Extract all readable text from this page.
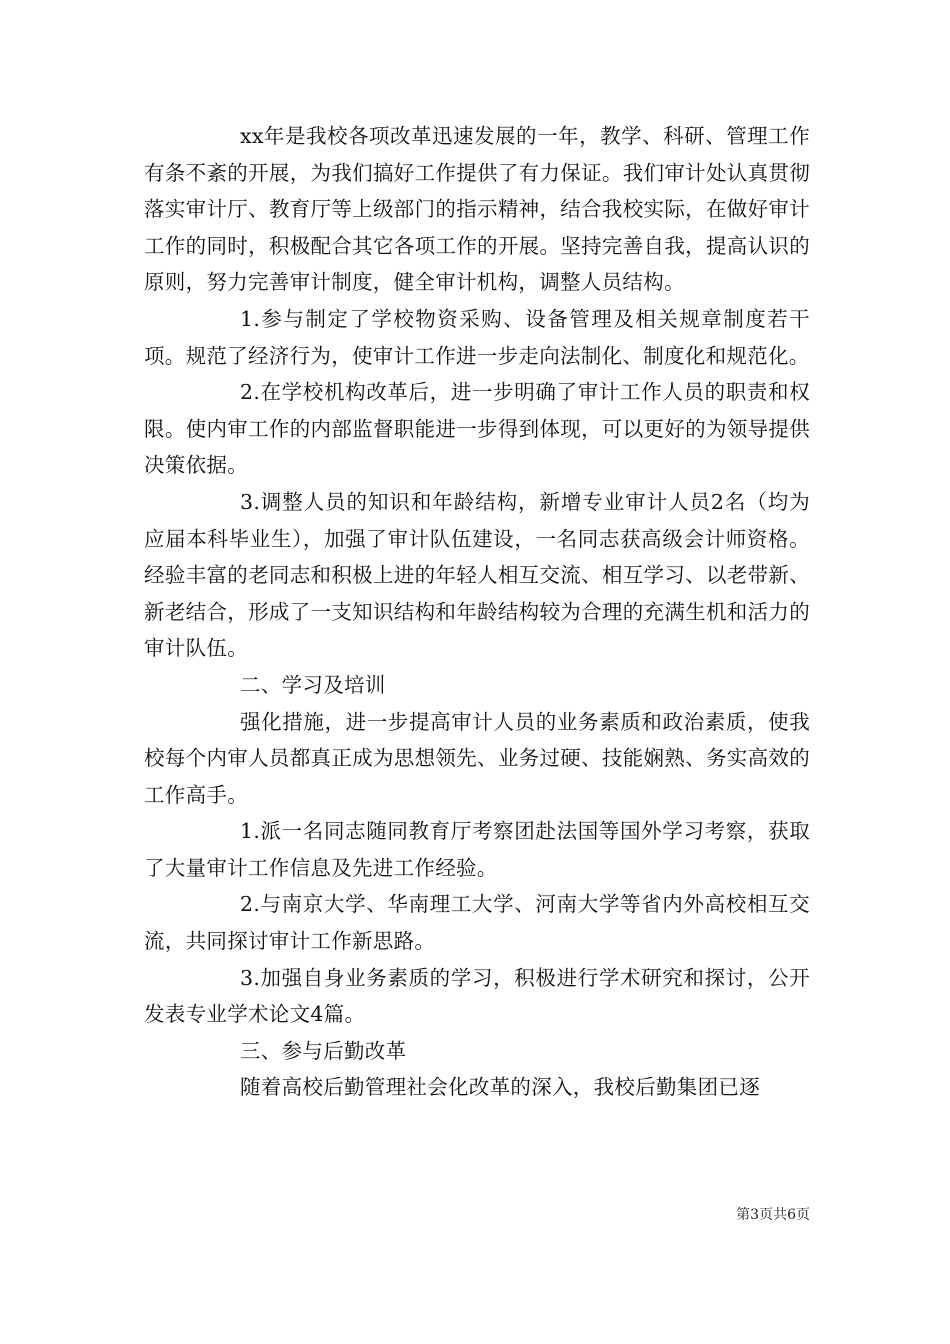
xx年是我校各项改革迅速发展的一年，教学、科研、管理工作有条不紊的开展，为我们搞好工作提供了有力保证。我们审计处认真贯彻落实审计厅、教育厅等上级部门的指示精神，结合我校实际，在做好审计工作的同时，积极配合其它各项工作的开展。坚持完善自我，提高认识的原则，努力完善审计制度，健全审计机构，调整人员结构。

1.参与制定了学校物资采购、设备管理及相关规章制度若干项。规范了经济行为，使审计工作进一步走向法制化、制度化和规范化。

2.在学校机构改革后，进一步明确了审计工作人员的职责和权限。使内审工作的内部监督职能进一步得到体现，可以更好的为领导提供决策依据。

3.调整人员的知识和年龄结构，新增专业审计人员2名（均为应届本科毕业生），加强了审计队伍建设，一名同志获高级会计师资格。经验丰富的老同志和积极上进的年轻人相互交流、相互学习、以老带新、新老结合，形成了一支知识结构和年龄结构较为合理的充满生机和活力的审计队伍。

二、学习及培训

强化措施，进一步提高审计人员的业务素质和政治素质，使我校每个内审人员都真正成为思想领先、业务过硬、技能娴熟、务实高效的工作高手。

1.派一名同志随同教育厅考察团赴法国等国外学习考察，获取了大量审计工作信息及先进工作经验。

2.与南京大学、华南理工大学、河南大学等省内外高校相互交流，共同探讨审计工作新思路。

3.加强自身业务素质的学习，积极进行学术研究和探讨，公开发表专业学术论文4篇。

三、参与后勤改革

随着高校后勤管理社会化改革的深入，我校后勤集团已逐

第3页共6页
